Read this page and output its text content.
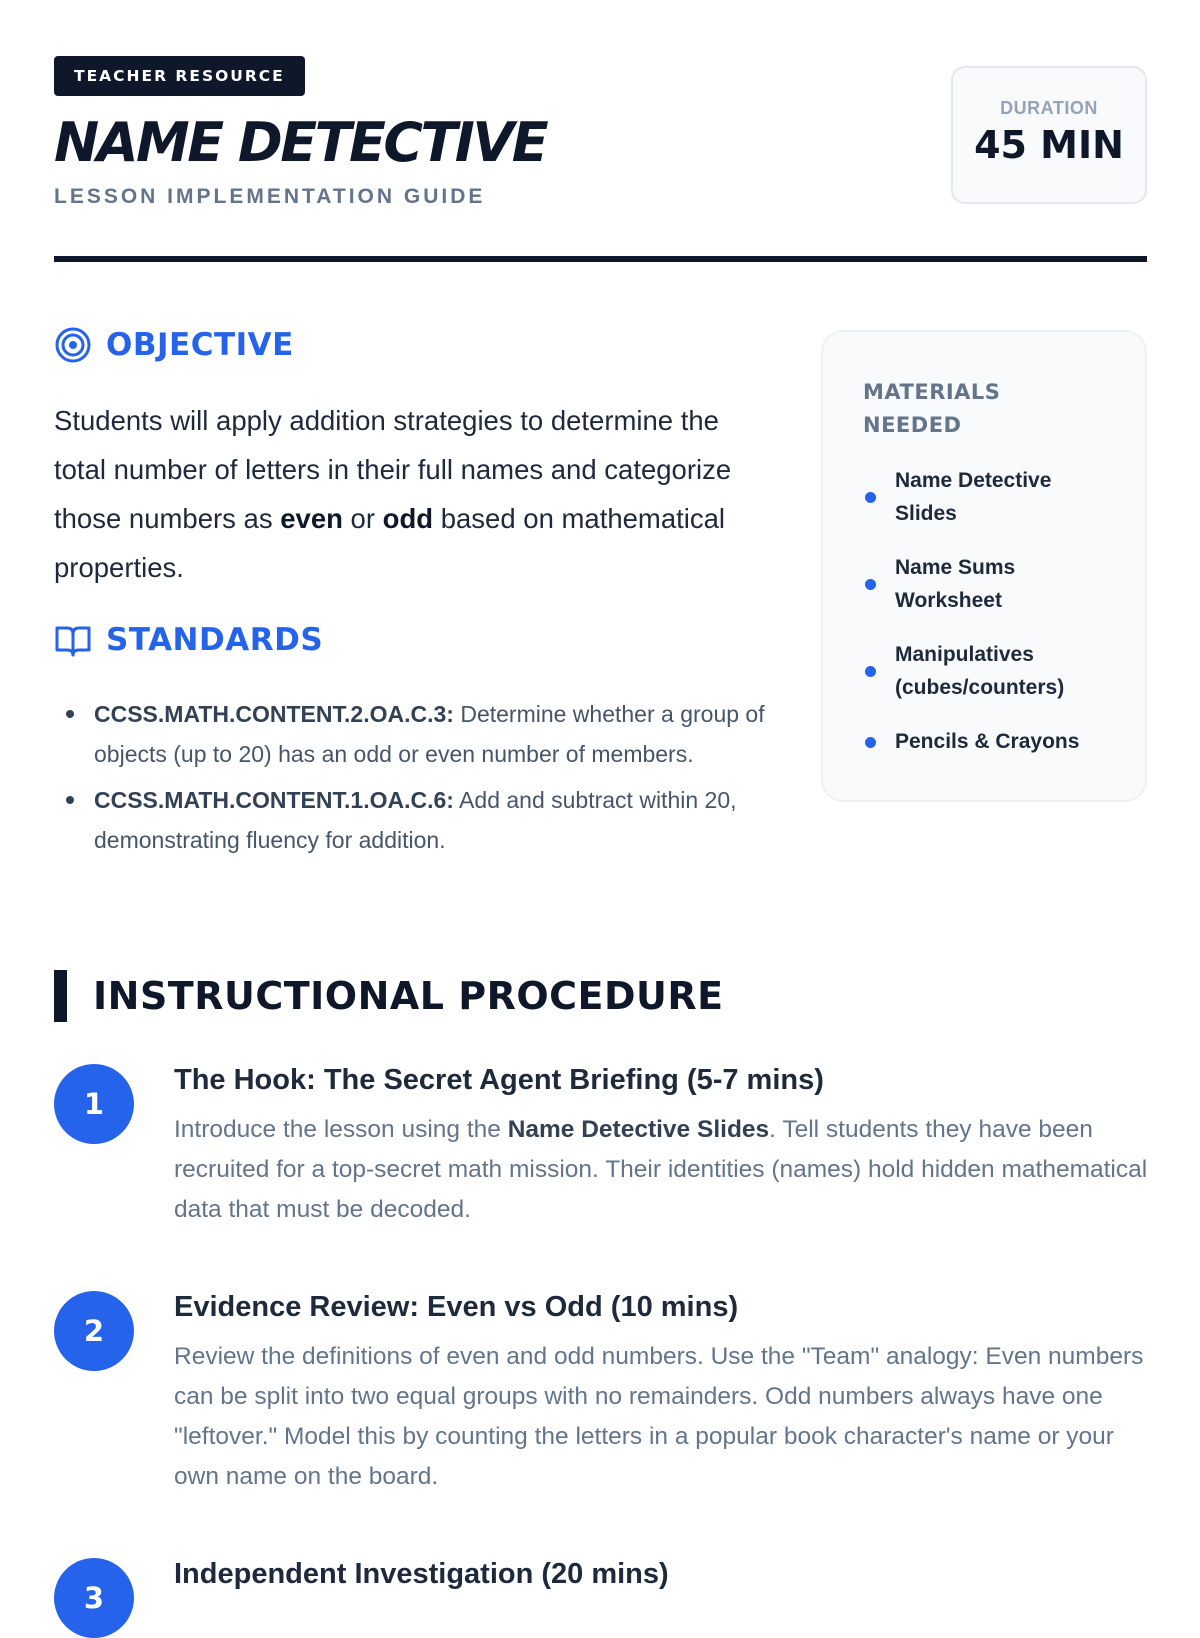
TEACHER RESOURCE
NAME DETECTIVE
LESSON IMPLEMENTATION GUIDE
DURATION
45 MIN
OBJECTIVE

Students will apply addition strategies to determine the total number of letters in their full names and categorize those numbers as even or odd based on mathematical properties.

STANDARDS
CCSS.MATH.CONTENT.2.OA.C.3: Determine whether a group of objects (up to 20) has an odd or even number of members.
CCSS.MATH.CONTENT.1.OA.C.6: Add and subtract within 20, demonstrating fluency for addition.
MATERIALS NEEDED
Name Detective Slides
Name Sums Worksheet
Manipulatives (cubes/counters)
Pencils & Crayons
INSTRUCTIONAL PROCEDURE
1
The Hook: The Secret Agent Briefing (5-7 mins)

Introduce the lesson using the Name Detective Slides. Tell students they have been recruited for a top-secret math mission. Their identities (names) hold hidden mathematical data that must be decoded.

2
Evidence Review: Even vs Odd (10 mins)

Review the definitions of even and odd numbers. Use the "Team" analogy: Even numbers can be split into two equal groups with no remainders. Odd numbers always have one "leftover." Model this by counting the letters in a popular book character's name or your own name on the board.

3
Independent Investigation (20 mins)
